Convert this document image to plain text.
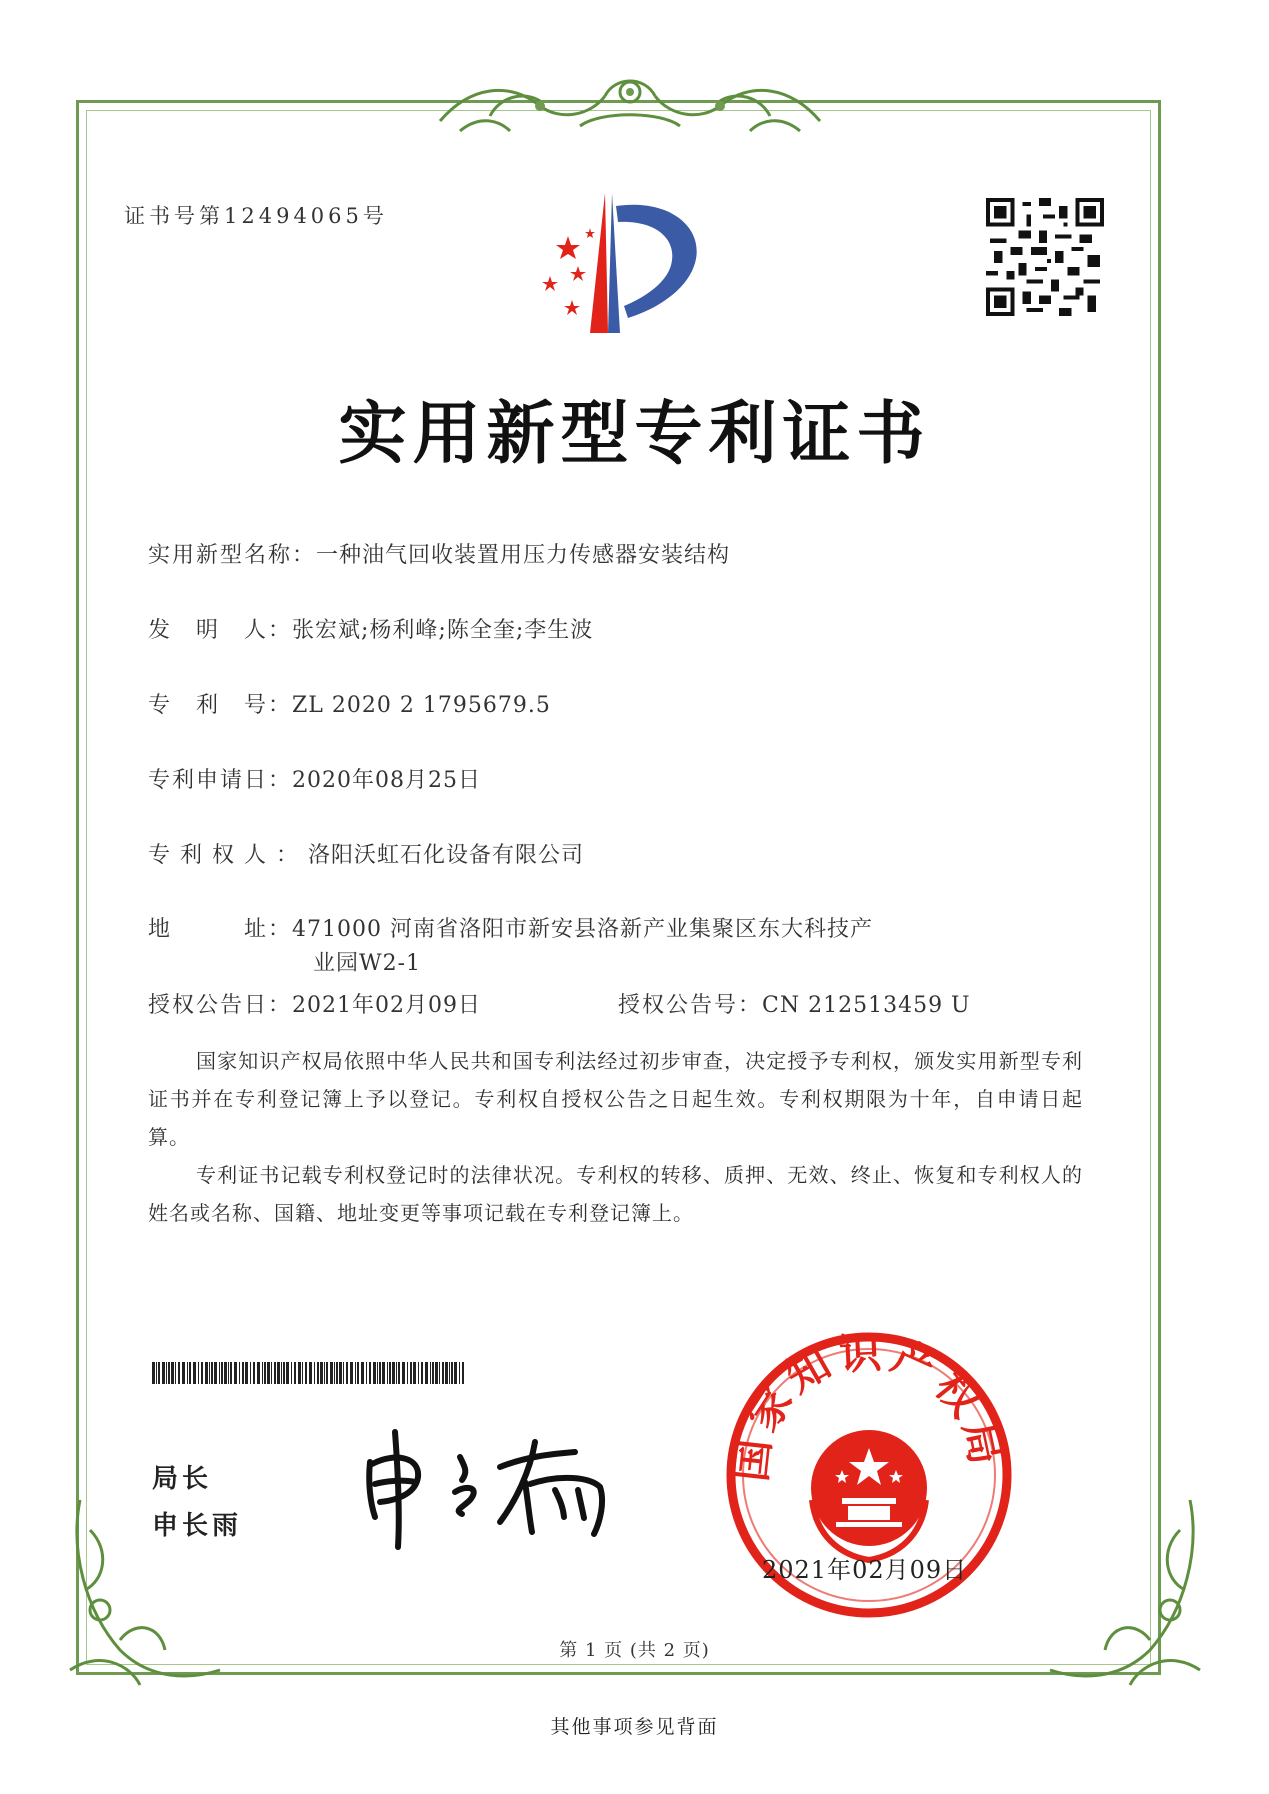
证书号第12494065号
实用新型专利证书
实用新型名称：一种油气回收装置用压力传感器安装结构
发　明　人：张宏斌;杨利峰;陈全奎;李生波
专　利　号：ZL 2020 2 1795679.5
专利申请日：2020年08月25日
专利权人：洛阳沃虹石化设备有限公司
地　　　址：471000 河南省洛阳市新安县洛新产业集聚区东大科技产
业园W2-1
授权公告日：2021年02月09日	授权公告号：CN 212513459 U
国家知识产权局依照中华人民共和国专利法经过初步审查，决定授予专利权，颁发实用新型专利证书并在专利登记簿上予以登记。专利权自授权公告之日起生效。专利权期限为十年，自申请日起算。
专利证书记载专利权登记时的法律状况。专利权的转移、质押、无效、终止、恢复和专利权人的姓名或名称、国籍、地址变更等事项记载在专利登记簿上。
局长
申长雨
国家知识产权局
2021年02月09日
第 1 页 (共 2 页)
其他事项参见背面
